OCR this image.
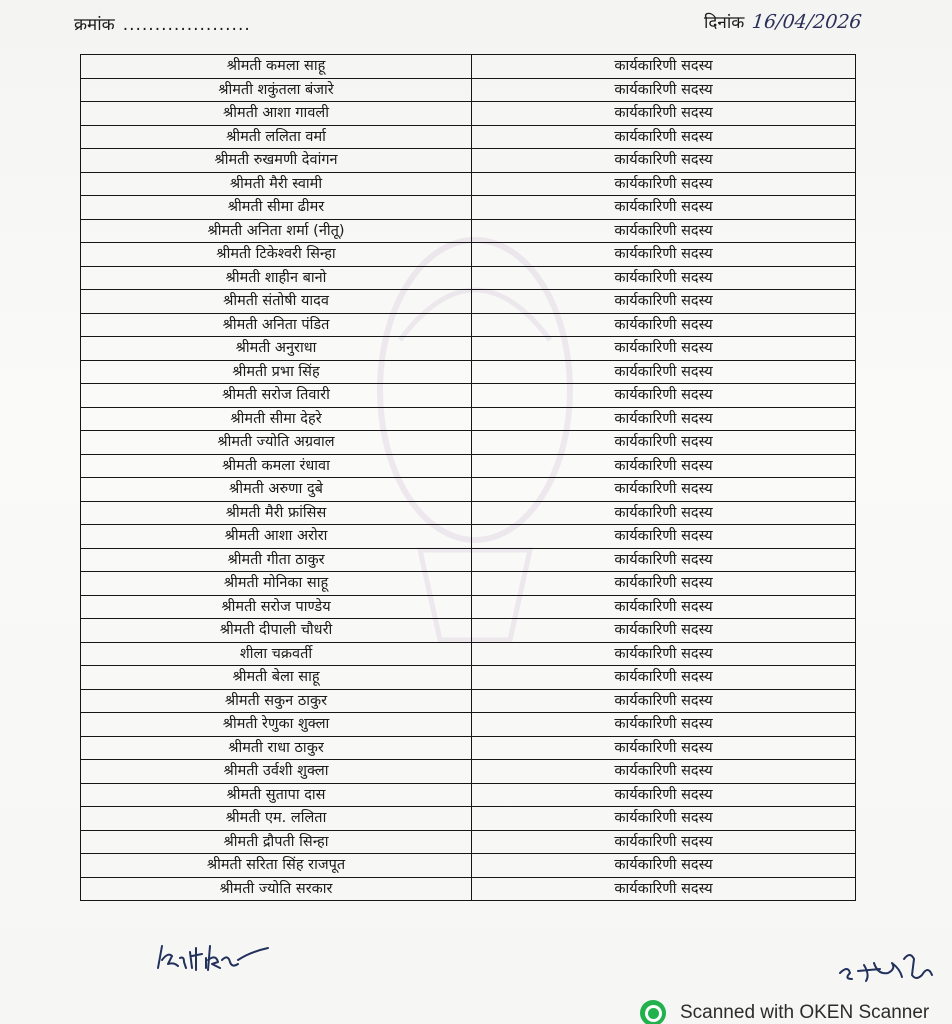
क्रमांक ....................	दिनांक 16/04/2026
श्रीमती कमला साहू	कार्यकारिणी सदस्य
श्रीमती शकुंतला बंजारे	कार्यकारिणी सदस्य
श्रीमती आशा गावली	कार्यकारिणी सदस्य
श्रीमती ललिता वर्मा	कार्यकारिणी सदस्य
श्रीमती रुखमणी देवांगन	कार्यकारिणी सदस्य
श्रीमती मैरी स्वामी	कार्यकारिणी सदस्य
श्रीमती सीमा ढीमर	कार्यकारिणी सदस्य
श्रीमती अनिता शर्मा (नीतू)	कार्यकारिणी सदस्य
श्रीमती टिकेश्वरी सिन्हा	कार्यकारिणी सदस्य
श्रीमती शाहीन बानो	कार्यकारिणी सदस्य
श्रीमती संतोषी यादव	कार्यकारिणी सदस्य
श्रीमती अनिता पंडित	कार्यकारिणी सदस्य
श्रीमती अनुराधा	कार्यकारिणी सदस्य
श्रीमती प्रभा सिंह	कार्यकारिणी सदस्य
श्रीमती सरोज तिवारी	कार्यकारिणी सदस्य
श्रीमती सीमा देहरे	कार्यकारिणी सदस्य
श्रीमती ज्योति अग्रवाल	कार्यकारिणी सदस्य
श्रीमती कमला रंधावा	कार्यकारिणी सदस्य
श्रीमती अरुणा दुबे	कार्यकारिणी सदस्य
श्रीमती मैरी फ्रांसिस	कार्यकारिणी सदस्य
श्रीमती आशा अरोरा	कार्यकारिणी सदस्य
श्रीमती गीता ठाकुर	कार्यकारिणी सदस्य
श्रीमती मोनिका साहू	कार्यकारिणी सदस्य
श्रीमती सरोज पाण्डेय	कार्यकारिणी सदस्य
श्रीमती दीपाली चौधरी	कार्यकारिणी सदस्य
शीला चक्रवर्ती	कार्यकारिणी सदस्य
श्रीमती बेला साहू	कार्यकारिणी सदस्य
श्रीमती सकुन ठाकुर	कार्यकारिणी सदस्य
श्रीमती रेणुका शुक्ला	कार्यकारिणी सदस्य
श्रीमती राधा ठाकुर	कार्यकारिणी सदस्य
श्रीमती उर्वशी शुक्ला	कार्यकारिणी सदस्य
श्रीमती सुतापा दास	कार्यकारिणी सदस्य
श्रीमती एम. ललिता	कार्यकारिणी सदस्य
श्रीमती द्रौपती सिन्हा	कार्यकारिणी सदस्य
श्रीमती सरिता सिंह राजपूत	कार्यकारिणी सदस्य
श्रीमती ज्योति सरकार	कार्यकारिणी सदस्य
Scanned with OKEN Scanner
